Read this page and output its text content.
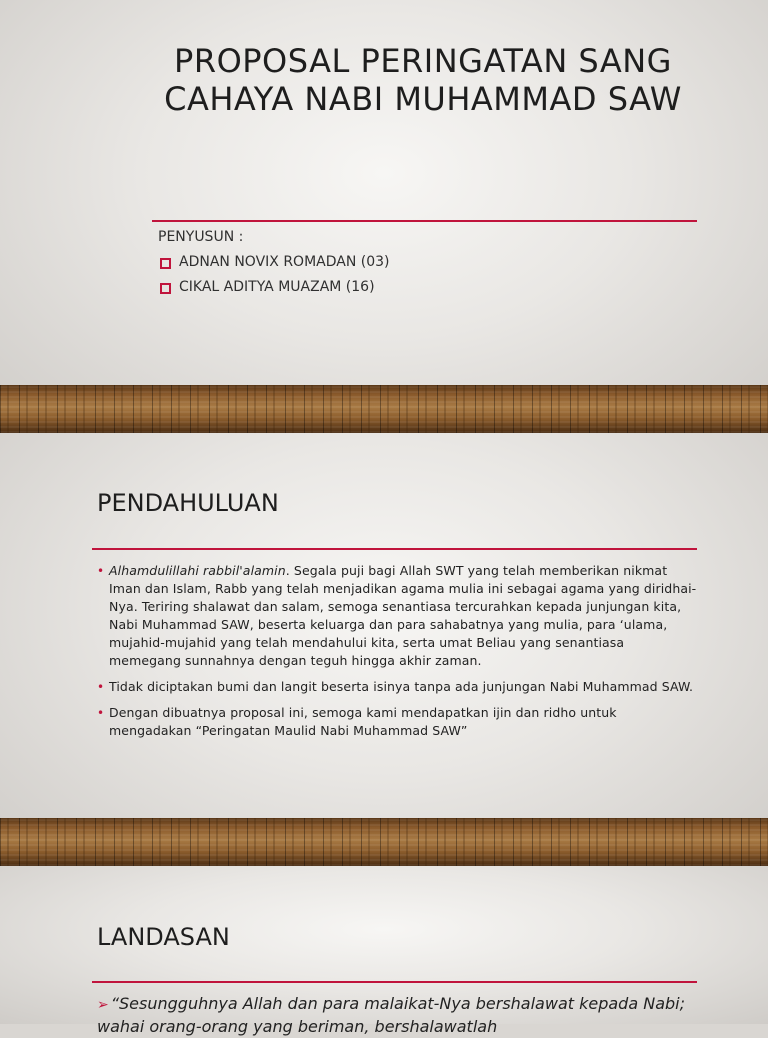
PROPOSAL PERINGATAN SANG CAHAYA NABI MUHAMMAD SAW
PENYUSUN :
ADNAN NOVIX ROMADAN (03)
CIKAL ADITYA MUAZAM (16)
PENDAHULUAN
• Alhamdulillahi rabbil'alamin. Segala puji bagi Allah SWT yang telah memberikan nikmat Iman dan Islam, Rabb yang telah menjadikan agama mulia ini sebagai agama yang diridhai-Nya. Teriring shalawat dan salam, semoga senantiasa tercurahkan kepada junjungan kita, Nabi Muhammad SAW, beserta keluarga dan para sahabatnya yang mulia, para ‘ulama, mujahid-mujahid yang telah mendahului kita, serta umat Beliau yang senantiasa memegang sunnahnya dengan teguh hingga akhir zaman.
• Tidak diciptakan bumi dan langit beserta isinya tanpa ada junjungan Nabi Muhammad SAW.
• Dengan dibuatnya proposal ini, semoga kami mendapatkan ijin dan ridho untuk mengadakan “Peringatan Maulid Nabi Muhammad SAW”
LANDASAN
➢ “Sesungguhnya Allah dan para malaikat-Nya bershalawat kepada Nabi; wahai orang-orang yang beriman, bershalawatlah
